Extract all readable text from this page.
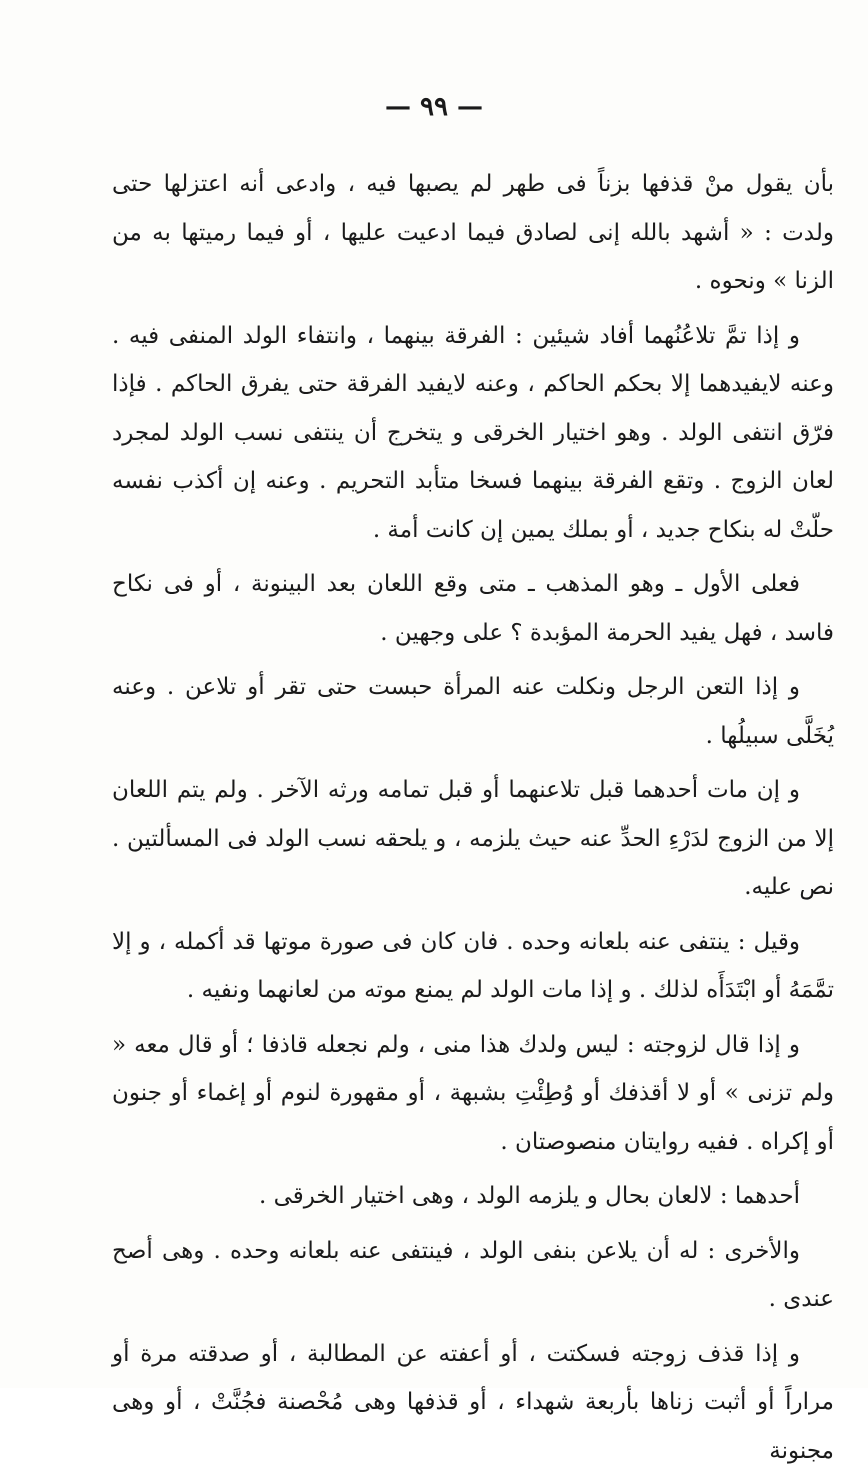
— ٩٩ —

بأن يقول منْ قذفها بزناً فى طهر لم يصبها فيه ، وادعى أنه اعتزلها حتى ولدت : « أشهد بالله إنى لصادق فيما ادعيت عليها ، أو فيما رميتها به من الزنا » ونحوه .

و إذا تمَّ تلاعُنُهما أفاد شيئين : الفرقة بينهما ، وانتفاء الولد المنفى فيه . وعنه لايفيدهما إلا بحكم الحاكم ، وعنه لايفيد الفرقة حتى يفرق الحاكم . فإذا فرّق انتفى الولد . وهو اختيار الخرقى و يتخرج أن ينتفى نسب الولد لمجرد لعان الزوج . وتقع الفرقة بينهما فسخا متأبد التحريم . وعنه إن أكذب نفسه حلّتْ له بنكاح جديد ، أو بملك يمين إن كانت أمة .

فعلى الأول ـ وهو المذهب ـ متى وقع اللعان بعد البينونة ، أو فى نكاح فاسد ، فهل يفيد الحرمة المؤبدة ؟ على وجهين .

و إذا التعن الرجل ونكلت عنه المرأة حبست حتى تقر أو تلاعن . وعنه يُخَلَّى سبيلُها .

و إن مات أحدهما قبل تلاعنهما أو قبل تمامه ورثه الآخر . ولم يتم اللعان إلا من الزوج لدَرْءِ الحدِّ عنه حيث يلزمه ، و يلحقه نسب الولد فى المسألتين . نص عليه.

وقيل : ينتفى عنه بلعانه وحده . فان كان فى صورة موتها قد أكمله ، و إلا تمَّمَهُ أو ابْتَدَأَه لذلك . و إذا مات الولد لم يمنع موته من لعانهما ونفيه .

و إذا قال لزوجته : ليس ولدك هذا منى ، ولم نجعله قاذفا ؛ أو قال معه « ولم تزنى » أو لا أقذفك أو وُطِئْتِ بشبهة ، أو مقهورة لنوم أو إغماء أو جنون أو إكراه . ففيه روايتان منصوصتان .

أحدهما : لالعان بحال و يلزمه الولد ، وهى اختيار الخرقى .

والأخرى : له أن يلاعن بنفى الولد ، فينتفى عنه بلعانه وحده . وهى أصح عندى .

و إذا قذف زوجته فسكتت ، أو أعفته عن المطالبة ، أو صدقته مرة أو مراراً أو أثبت زناها بأربعة شهداء ، أو قذفها وهى مُحْصنة فجُنَّتْ ، أو وهى مجنونة
